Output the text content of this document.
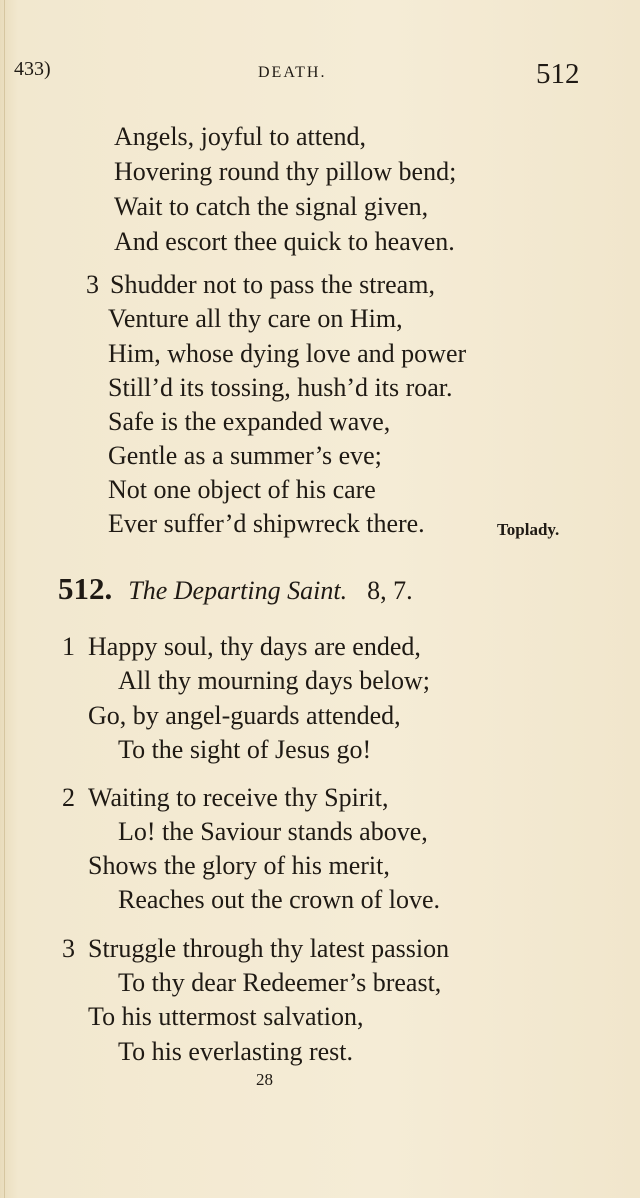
433)	DEATH.	512
Angels, joyful to attend,
Hovering round thy pillow bend;
Wait to catch the signal given,
And escort thee quick to heaven.
3 Shudder not to pass the stream,
Venture all thy care on Him,
Him, whose dying love and power
Still’d its tossing, hush’d its roar.
Safe is the expanded wave,
Gentle as a summer’s eve;
Not one object of his care
Ever suffer’d shipwreck there.	Toplady.
512. The Departing Saint. 8, 7.
1 Happy soul, thy days are ended,
All thy mourning days below;
Go, by angel-guards attended,
To the sight of Jesus go!
2 Waiting to receive thy Spirit,
Lo! the Saviour stands above,
Shows the glory of his merit,
Reaches out the crown of love.
3 Struggle through thy latest passion
To thy dear Redeemer’s breast,
To his uttermost salvation,
To his everlasting rest.
28
